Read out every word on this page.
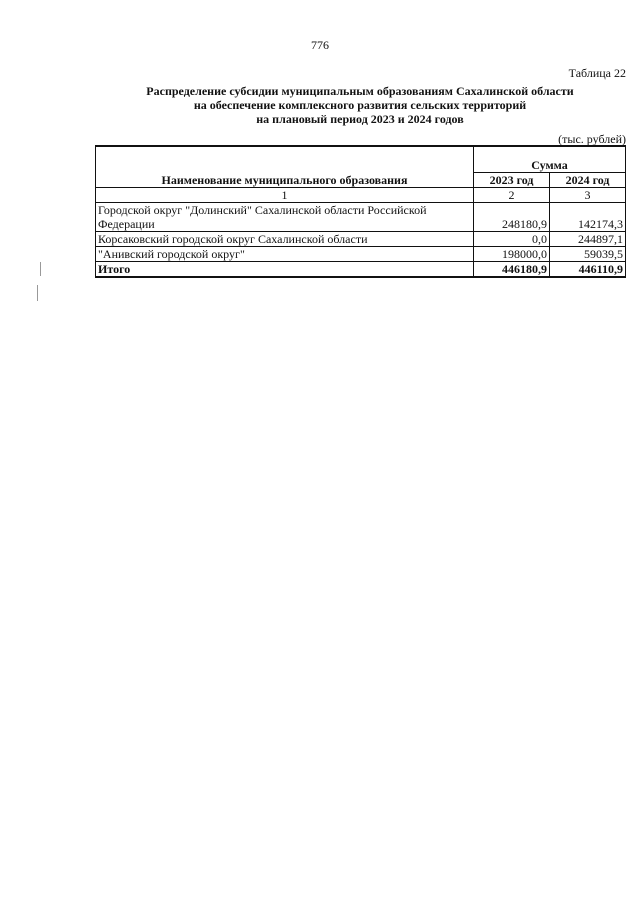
776
Таблица 22
Распределение субсидии муниципальным образованиям Сахалинской области
на обеспечение комплексного развития сельских территорий
на плановый период 2023 и 2024 годов
(тыс. рублей)
Наименование муниципального образования	Сумма	
	2023 год	2024 год
1	2	3
Городской округ "Долинский" Сахалинской области Российской Федерации	248180,9	142174,3
Корсаковский городской округ Сахалинской области	0,0	244897,1
"Анивский городской округ"	198000,0	59039,5
Итого	446180,9	446110,9
